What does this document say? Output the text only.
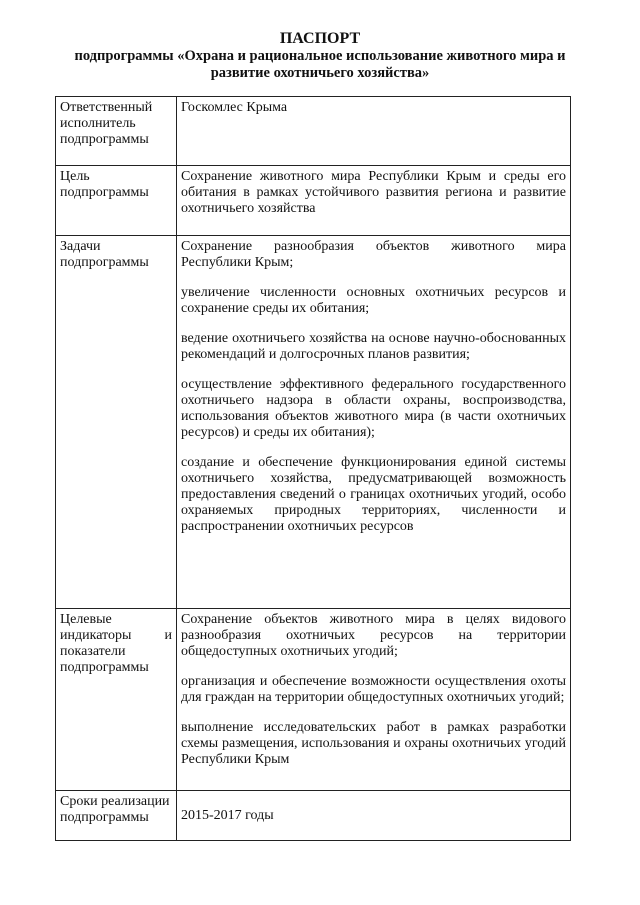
ПАСПОРТ
подпрограммы «Охрана и рациональное использование животного мира и
развитие охотничьего хозяйства»
Ответственный исполнитель подпрограммы	Госкомлес Крыма

Цель подпрограммы	Сохранение животного мира Республики Крым и среды его обитания в рамках устойчивого развития региона и развитие охотничьего хозяйства

Задачи подпрограммы	Сохранение разнообразия объектов животного мира Республики Крым;

увеличение численности основных охотничьих ресурсов и сохранение среды их обитания;

ведение охотничьего хозяйства на основе научно-обоснованных рекомендаций и долгосрочных планов развития;

осуществление эффективного федерального государственного охотничьего надзора в области охраны, воспроизводства, использования объектов животного мира (в части охотничьих ресурсов) и среды их обитания);

создание и обеспечение функционирования единой системы охотничьего хозяйства, предусматривающей возможность предоставления сведений о границах охотничьих угодий, особо охраняемых природных территориях, численности и распространении охотничьих ресурсов

Целевые индикаторы и показатели подпрограммы	Сохранение объектов животного мира в целях видового разнообразия охотничьих ресурсов на территории общедоступных охотничьих угодий;

организация и обеспечение возможности осуществления охоты для граждан на территории общедоступных охотничьих угодий;

выполнение исследовательских работ в рамках разработки схемы размещения, использования и охраны охотничьих угодий Республики Крым

Сроки реализации подпрограммы	2015-2017 годы
